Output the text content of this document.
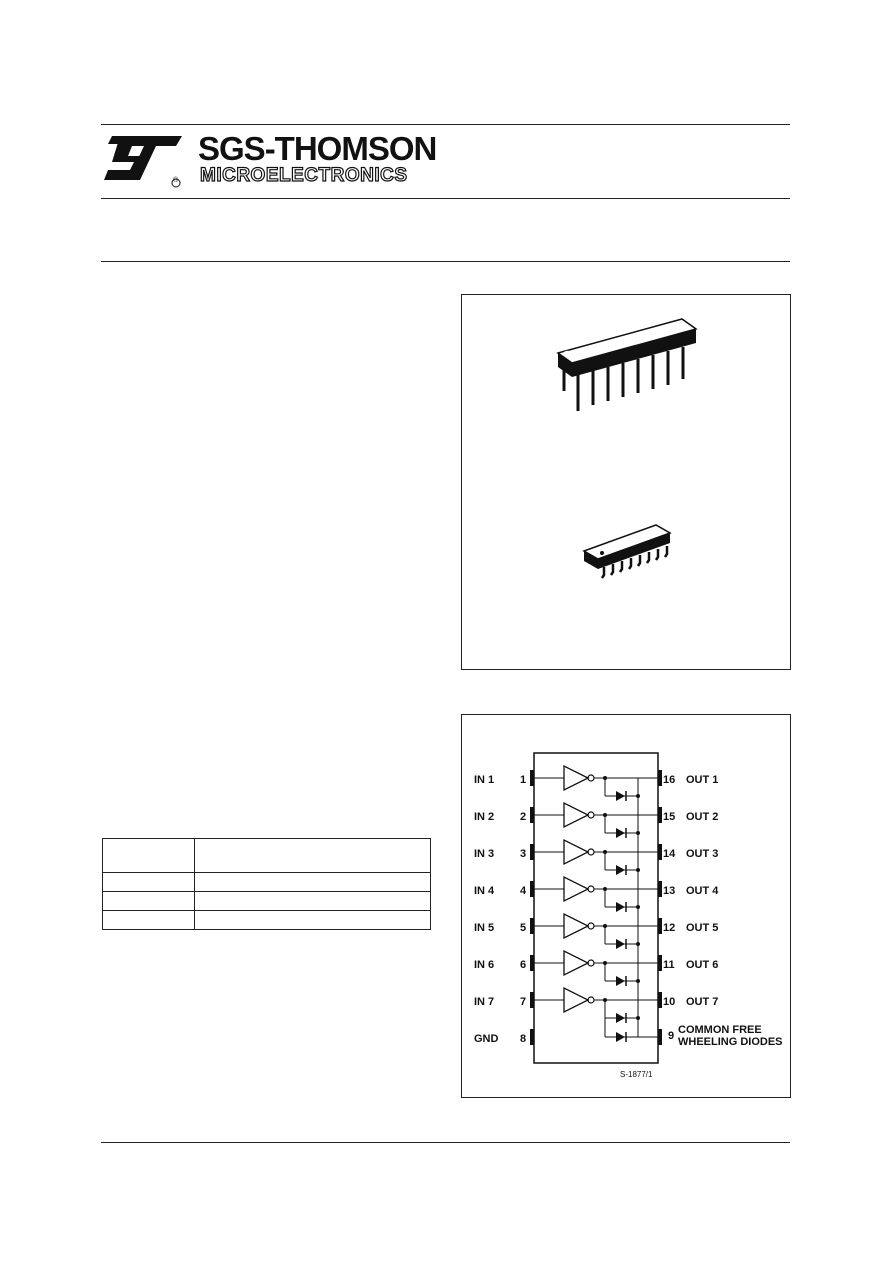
®
SGS-THOMSON
MICROELECTRONICS

IN 1 1
IN 2 2
IN 3 3
IN 4 4
IN 5 5
IN 6 6
IN 7 7
GND 8
16 OUT 1
15 OUT 2
14 OUT 3
13 OUT 4
12 OUT 5
11 OUT 6
10 OUT 7
9 COMMON FREE
WHEELING DIODES
S-1877/1
